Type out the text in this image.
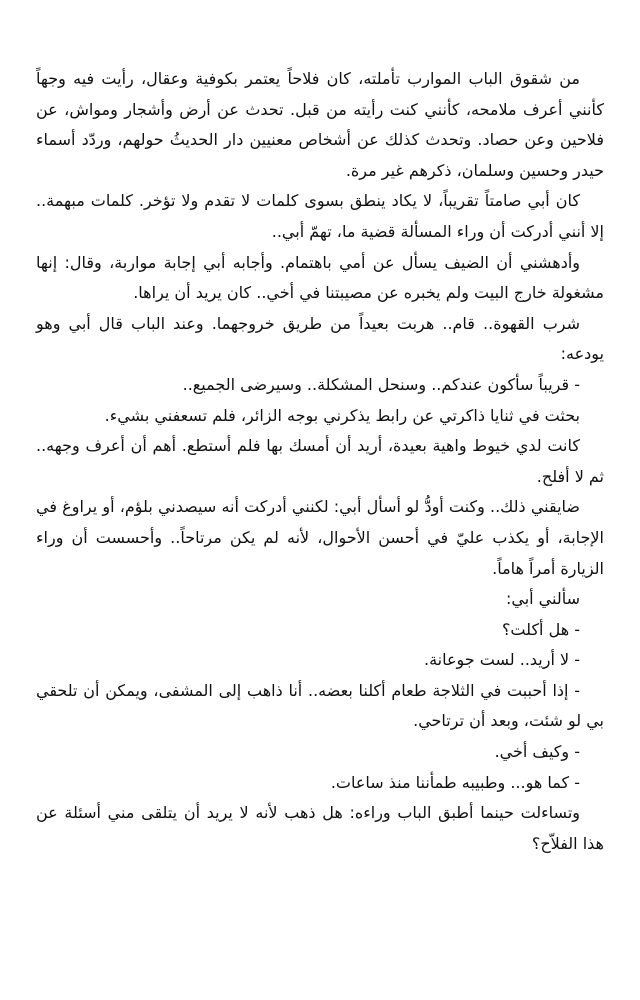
من شقوق الباب الموارب تأملته، كان فلاحاً يعتمر بكوفية وعقال، رأيت فيه وجهاً كأنني أعرف ملامحه، كأنني كنت رأيته من قبل. تحدث عن أرض وأشجار ومواش، عن فلاحين وعن حصاد. وتحدث كذلك عن أشخاص معنيين دار الحديثُ حولهم، وردّد أسماء حيدر وحسين وسلمان، ذكرهم غير مرة.

كان أبي صامتاً تقريباً، لا يكاد ينطق بسوى كلمات لا تقدم ولا تؤخر. كلمات مبهمة.. إلا أنني أدركت أن وراء المسألة قضية ما، تهمّ أبي..

وأدهشني أن الضيف يسأل عن أمي باهتمام. وأجابه أبي إجابة مواربة، وقال: إنها مشغولة خارج البيت ولم يخبره عن مصيبتنا في أخي.. كان يريد أن يراها.

شرب القهوة.. قام.. هربت بعيداً من طريق خروجهما. وعند الباب قال أبي وهو يودعه:

- قريباً سأكون عندكم.. وسنحل المشكلة.. وسيرضى الجميع..

بحثت في ثنايا ذاكرتي عن رابط يذكرني بوجه الزائر، فلم تسعفني بشيء.

كانت لدي خيوط واهية بعيدة، أريد أن أمسك بها فلم أستطع. أهم أن أعرف وجهه.. ثم لا أفلح.

ضايقني ذلك.. وكنت أودُّ لو أسأل أبي: لكنني أدركت أنه سيصدني بلؤم، أو يراوغ في الإجابة، أو يكذب عليّ في أحسن الأحوال، لأنه لم يكن مرتاحاً.. وأحسست أن وراء الزيارة أمراً هاماً.

سألني أبي:

- هل أكلت؟

- لا أريد.. لست جوعانة.

- إذا أحببت في الثلاجة طعام أكلنا بعضه.. أنا ذاهب إلى المشفى، ويمكن أن تلحقي بي لو شئت، وبعد أن ترتاحي.

- وكيف أخي.

- كما هو... وطبيبه طمأننا منذ ساعات.

وتساءلت حينما أطبق الباب وراءه: هل ذهب لأنه لا يريد أن يتلقى مني أسئلة عن هذا الفلاّح؟
